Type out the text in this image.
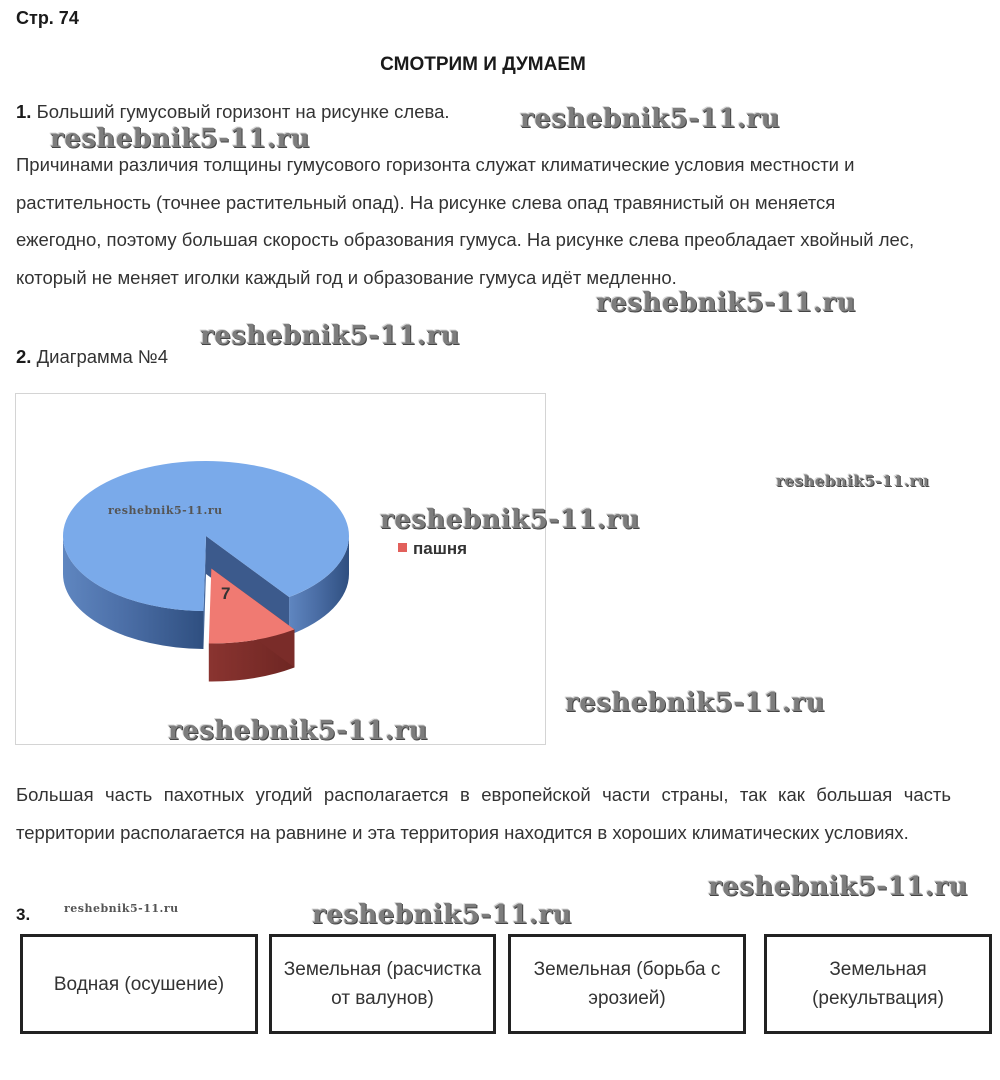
Стр. 74
СМОТРИМ И ДУМАЕМ
1. Больший гумусовый горизонт на рисунке слева.
Причинами различия толщины гумусового горизонта служат климатические условия местности и растительность (точнее растительный опад). На рисунке слева опад травянистый он меняется ежегодно, поэтому большая скорость образования гумуса. На рисунке слева преобладает хвойный лес, который не меняет иголки каждый год и образование гумуса идёт медленно.
2. Диаграмма №4
пашня
7
Большая часть пахотных угодий располагается в европейской части страны, так как большая часть территории располагается на равнине и эта территория находится в хороших климатических условиях.
3.
Водная (осушение)
Земельная (расчистка от валунов)
Земельная (борьба с эрозией)
Земельная (рекультвация)
reshebnik5-11.ru
reshebnik5-11.ru
reshebnik5-11.ru
reshebnik5-11.ru
reshebnik5-11.ru
reshebnik5-11.ru
reshebnik5-11.ru
reshebnik5-11.ru
reshebnik5-11.ru
reshebnik5-11.ru
reshebnik5-11.ru	reshebnik5-11.ru
